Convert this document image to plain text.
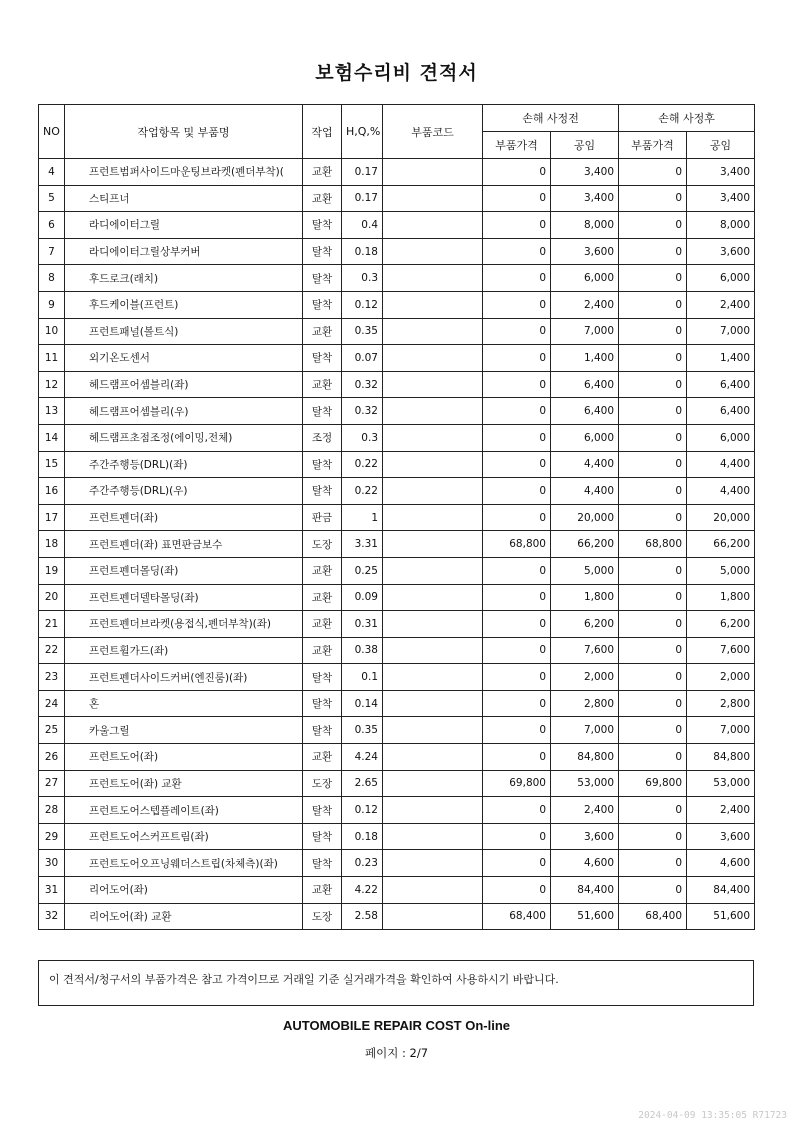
보험수리비 견적서
NO	작업항목 및 부품명	작업	H,Q,%	부품코드	손해 사정전		손해 사정후	
					부품가격	공임	부품가격	공임
4	프런트범퍼사이드마운팅브라켓(펜더부착)(	교환	0.17		0	3,400	0	3,400
5	스티프너	교환	0.17		0	3,400	0	3,400
6	라디에이터그릴	탈착	0.4		0	8,000	0	8,000
7	라디에이터그릴상부커버	탈착	0.18		0	3,600	0	3,600
8	후드로크(래치)	탈착	0.3		0	6,000	0	6,000
9	후드케이블(프런트)	탈착	0.12		0	2,400	0	2,400
10	프런트패널(볼트식)	교환	0.35		0	7,000	0	7,000
11	외기온도센서	탈착	0.07		0	1,400	0	1,400
12	헤드램프어셈블리(좌)	교환	0.32		0	6,400	0	6,400
13	헤드램프어셈블리(우)	탈착	0.32		0	6,400	0	6,400
14	헤드램프초점조정(에이밍,전체)	조정	0.3		0	6,000	0	6,000
15	주간주행등(DRL)(좌)	탈착	0.22		0	4,400	0	4,400
16	주간주행등(DRL)(우)	탈착	0.22		0	4,400	0	4,400
17	프런트펜더(좌)	판금	1		0	20,000	0	20,000
18	프런트펜더(좌) 표면판금보수	도장	3.31		68,800	66,200	68,800	66,200
19	프런트펜더몰딩(좌)	교환	0.25		0	5,000	0	5,000
20	프런트펜더델타몰딩(좌)	교환	0.09		0	1,800	0	1,800
21	프런트펜더브라켓(용접식,펜더부착)(좌)	교환	0.31		0	6,200	0	6,200
22	프런트휠가드(좌)	교환	0.38		0	7,600	0	7,600
23	프런트펜더사이드커버(엔진룸)(좌)	탈착	0.1		0	2,000	0	2,000
24	혼	탈착	0.14		0	2,800	0	2,800
25	카울그릴	탈착	0.35		0	7,000	0	7,000
26	프런트도어(좌)	교환	4.24		0	84,800	0	84,800
27	프런트도어(좌) 교환	도장	2.65		69,800	53,000	69,800	53,000
28	프런트도어스텝플레이트(좌)	탈착	0.12		0	2,400	0	2,400
29	프런트도어스커프트림(좌)	탈착	0.18		0	3,600	0	3,600
30	프런트도어오프닝웨더스트립(차체측)(좌)	탈착	0.23		0	4,600	0	4,600
31	리어도어(좌)	교환	4.22		0	84,400	0	84,400
32	리어도어(좌) 교환	도장	2.58		68,400	51,600	68,400	51,600
이 견적서/청구서의 부품가격은 참고 가격이므로 거래일 기준 실거래가격을 확인하여 사용하시기 바랍니다.
AUTOMOBILE REPAIR COST On-line
페이지 : 2/7
2024-04-09 13:35:05 R71723
